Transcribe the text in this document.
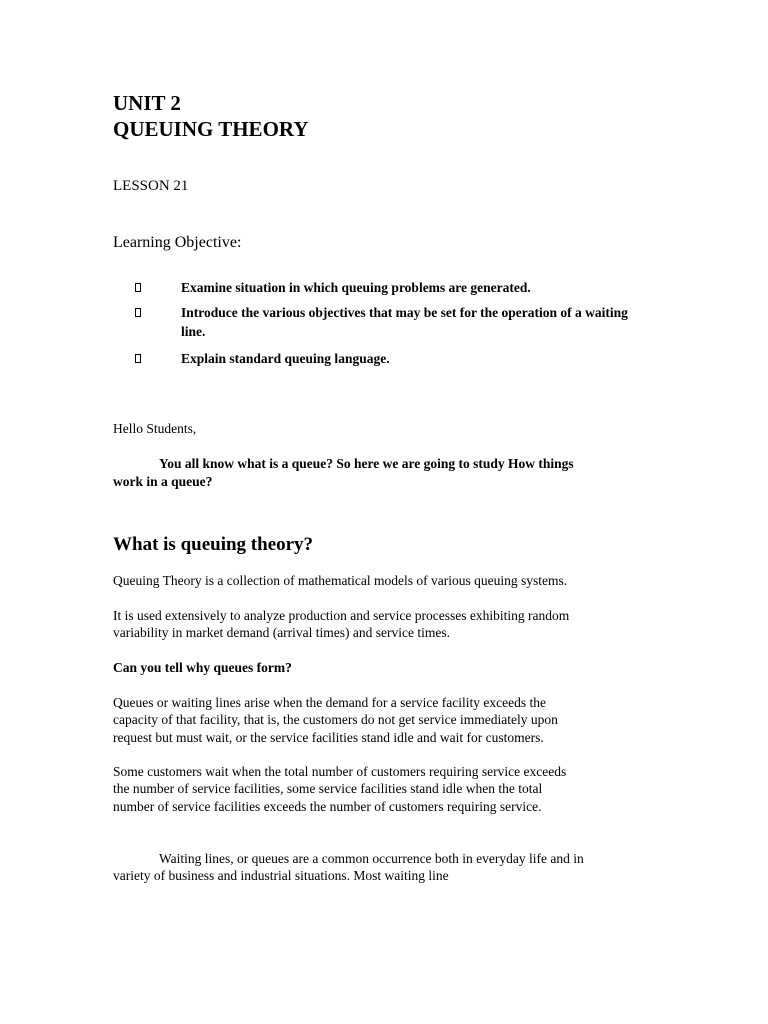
UNIT 2
QUEUING THEORY
LESSON 21
Learning Objective:
Examine situation in which queuing problems are generated.
Introduce the various objectives that may be set for the operation of a waiting line.
Explain standard queuing language.
Hello Students,

You all know what is a queue? So here we are going to study How things work in a queue?

What is queuing theory?

Queuing Theory is a collection of mathematical models of various queuing systems.

It is used extensively to analyze production and service processes exhibiting random variability in market demand (arrival times) and service times.

Can you tell why queues form?

Queues or waiting lines arise when the demand for a service facility exceeds the capacity of that facility, that is, the customers do not get service immediately upon request but must wait, or the service facilities stand idle and wait for customers.

Some customers wait when the total number of customers requiring service exceeds the number of service facilities, some service facilities stand idle when the total number of service facilities exceeds the number of customers requiring service.

Waiting lines, or queues are a common occurrence both in everyday life and in variety of business and industrial situations. Most waiting line
